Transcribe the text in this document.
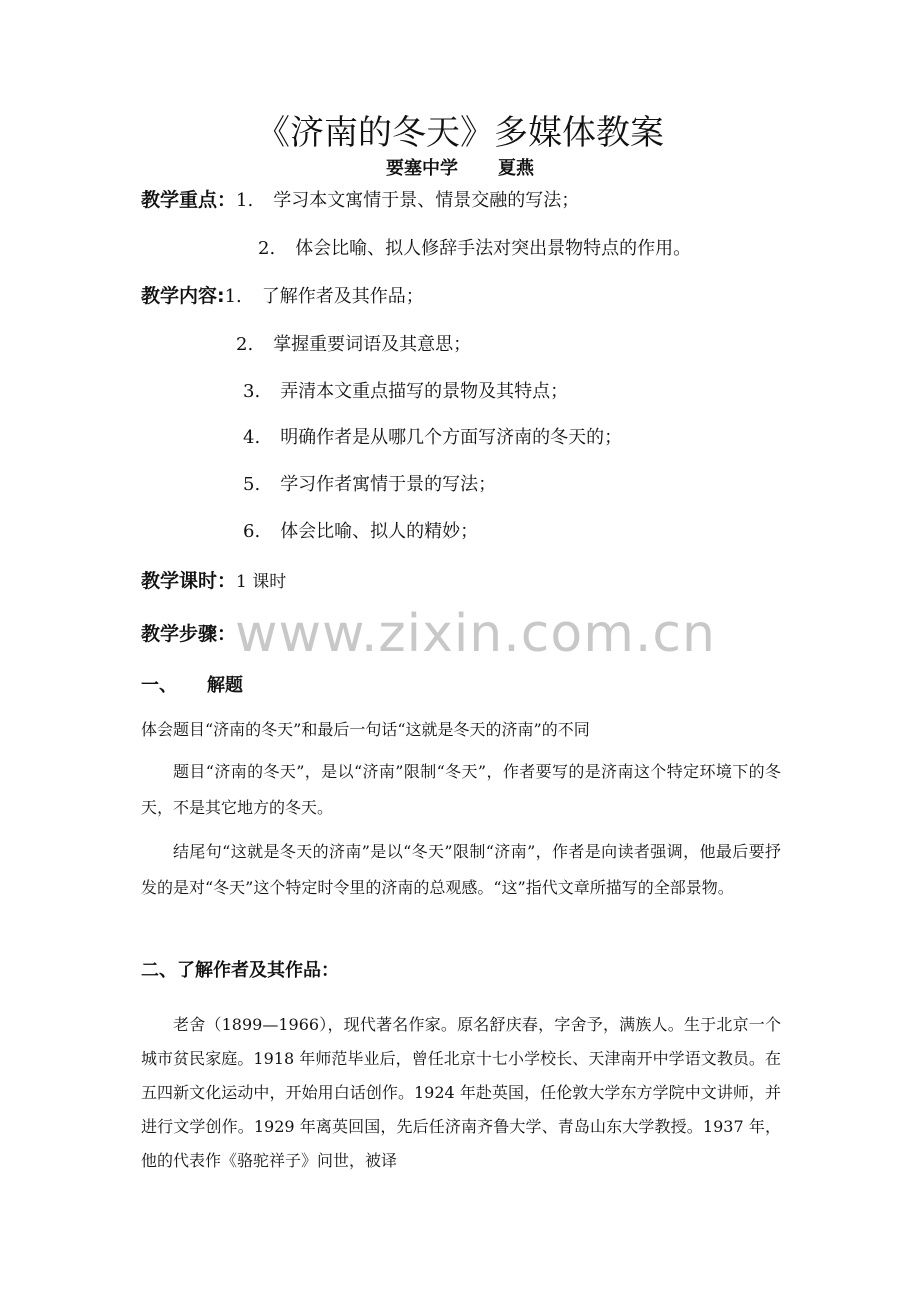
《济南的冬天》多媒体教案
要塞中学 夏燕
教学重点：1. 学习本文寓情于景、情景交融的写法；
2. 体会比喻、拟人修辞手法对突出景物特点的作用。
教学内容:1. 了解作者及其作品；
2. 掌握重要词语及其意思；
3. 弄清本文重点描写的景物及其特点；
4. 明确作者是从哪几个方面写济南的冬天的；
5. 学习作者寓情于景的写法；
6. 体会比喻、拟人的精妙；
教学课时：1 课时
教学步骤：
www.zixin.com.cn
一、 解题
体会题目“济南的冬天”和最后一句话“这就是冬天的济南”的不同
题目“济南的冬天”，是以“济南”限制“冬天”，作者要写的是济南这个特定环境下的冬天，不是其它地方的冬天。
结尾句“这就是冬天的济南”是以“冬天”限制“济南”，作者是向读者强调，他最后要抒发的是对“冬天”这个特定时令里的济南的总观感。“这”指代文章所描写的全部景物。
二、了解作者及其作品：
老舍（1899—1966），现代著名作家。原名舒庆春，字舍予，满族人。生于北京一个城市贫民家庭。1918 年师范毕业后，曾任北京十七小学校长、天津南开中学语文教员。在五四新文化运动中，开始用白话创作。1924 年赴英国，任伦敦大学东方学院中文讲师，并进行文学创作。1929 年离英回国，先后任济南齐鲁大学、青岛山东大学教授。1937 年，他的代表作《骆驼祥子》问世，被译
